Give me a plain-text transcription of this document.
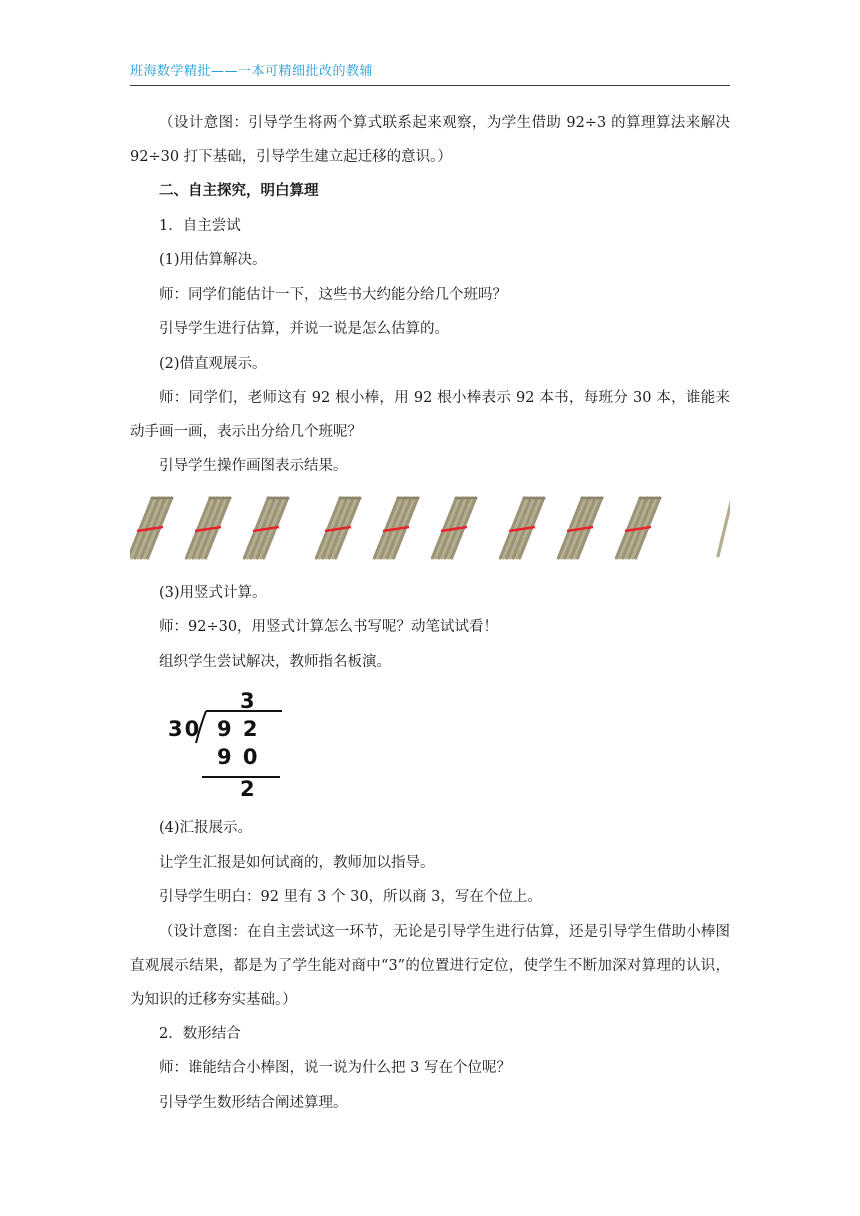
班海数学精批——一本可精细批改的教辅

（设计意图：引导学生将两个算式联系起来观察，为学生借助 92÷3 的算理算法来解决 92÷30 打下基础，引导学生建立起迁移的意识。）

二、自主探究，明白算理

1．自主尝试

(1)用估算解决。

师：同学们能估计一下，这些书大约能分给几个班吗？

引导学生进行估算，并说一说是怎么估算的。

(2)借直观展示。

师：同学们，老师这有 92 根小棒，用 92 根小棒表示 92 本书，每班分 30 本，谁能来动手画一画，表示出分给几个班呢？

引导学生操作画图表示结果。

(3)用竖式计算。

师：92÷30，用竖式计算怎么书写呢？动笔试试看！

组织学生尝试解决，教师指名板演。

3
30 9 2
9 0
2

(4)汇报展示。

让学生汇报是如何试商的，教师加以指导。

引导学生明白：92 里有 3 个 30，所以商 3，写在个位上。

（设计意图：在自主尝试这一环节，无论是引导学生进行估算，还是引导学生借助小棒图直观展示结果，都是为了学生能对商中“3”的位置进行定位，使学生不断加深对算理的认识，为知识的迁移夯实基础。）

2．数形结合

师：谁能结合小棒图，说一说为什么把 3 写在个位呢？

引导学生数形结合阐述算理。
